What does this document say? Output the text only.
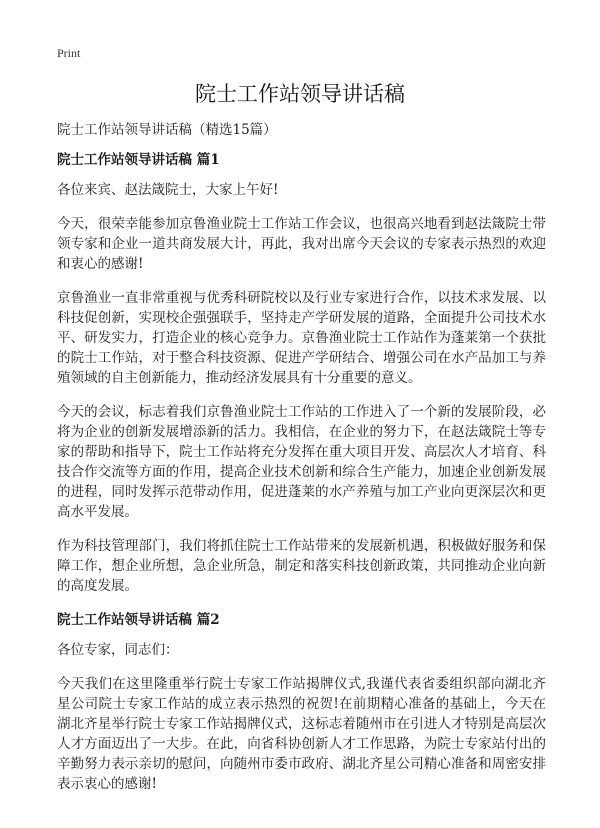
Print
院士工作站领导讲话稿

院士工作站领导讲话稿（精选15篇）

院士工作站领导讲话稿 篇1

各位来宾、赵法箴院士，大家上午好!

今天，很荣幸能参加京鲁渔业院士工作站工作会议，也很高兴地看到赵法箴院士带领专家和企业一道共商发展大计，再此，我对出席今天会议的专家表示热烈的欢迎和衷心的感谢!

京鲁渔业一直非常重视与优秀科研院校以及行业专家进行合作，以技术求发展、以科技促创新，实现校企强强联手，坚持走产学研发展的道路，全面提升公司技术水平、研发实力，打造企业的核心竞争力。京鲁渔业院士工作站作为蓬莱第一个获批的院士工作站，对于整合科技资源、促进产学研结合、增强公司在水产品加工与养殖领域的自主创新能力，推动经济发展具有十分重要的意义。

今天的会议，标志着我们京鲁渔业院士工作站的工作进入了一个新的发展阶段，必将为企业的创新发展增添新的活力。我相信，在企业的努力下，在赵法箴院士等专家的帮助和指导下，院士工作站将充分发挥在重大项目开发、高层次人才培育、科技合作交流等方面的作用，提高企业技术创新和综合生产能力，加速企业创新发展的进程，同时发挥示范带动作用，促进蓬莱的水产养殖与加工产业向更深层次和更高水平发展。

作为科技管理部门，我们将抓住院士工作站带来的发展新机遇，积极做好服务和保障工作，想企业所想，急企业所急，制定和落实科技创新政策，共同推动企业向新的高度发展。

院士工作站领导讲话稿 篇2

各位专家，同志们：

今天我们在这里隆重举行院士专家工作站揭牌仪式,我谨代表省委组织部向湖北齐星公司院士专家工作站的成立表示热烈的祝贺!在前期精心准备的基础上，今天在湖北齐星举行院士专家工作站揭牌仪式，这标志着随州市在引进人才特别是高层次人才方面迈出了一大步。在此，向省科协创新人才工作思路，为院士专家站付出的辛勤努力表示亲切的慰问，向随州市委市政府、湖北齐星公司精心准备和周密安排表示衷心的感谢!
